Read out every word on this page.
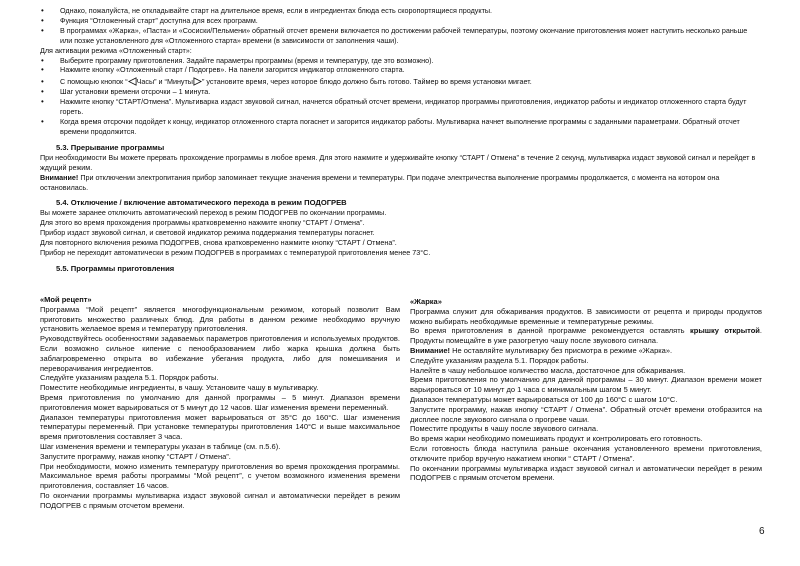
• Однако, пожалуйста, не откладывайте старт на длительное время, если в ингредиентах блюда есть скоропортящиеся продукты.

• Функция “Отложенный старт” доступна для всех программ.

• В программах «Жарка», «Паста» и «Сосиски/Пельмени» обратный отсчет времени включается по достижении рабочей температуры, поэтому окончание приготовления может наступить несколько раньше или позже установленного для «Отложенного старта» времени (в зависимости от заполнения чаши).

Для активации режима «Отложенный старт»:

• Выберите программу приготовления. Задайте параметры программы (время и температуру, где это возможно).

• Нажмите кнопку «Отложенный старт / Подогрев». На панели загорится индикатор отложенного старта.

• С помощью кнопок “ Часы” и “Минуты ” установите время, через которое блюдо должно быть готово. Таймер во время установки мигает.

• Шаг установки времени отсрочки – 1 минута.

• Нажмите кнопку “СТАРТ/Отмена”. Мультиварка издаст звуковой сигнал, начнется обратный отсчет времени, индикатор программы приготовления, индикатор работы и индикатор отложенного старта будут гореть.

• Когда время отсрочки подойдет к концу, индикатор отложенного старта погаснет и загорится индикатор работы. Мультиварка начнет выполнение программы с заданными параметрами. Обратный отсчет времени продолжится.

5.3. Прерывание программы

При необходимости Вы можете прервать прохождение программы в любое время. Для этого нажмите и удерживайте кнопку “СТАРТ / Отмена” в течение 2 секунд, мультиварка издаст звуковой сигнал и перейдет в ждущий режим.

Внимание! При отключении электропитания прибор запоминает текущие значения времени и температуры. При подаче электричества выполнение программы продолжается, с момента на котором она остановилась.

5.4. Отключение / включение автоматического перехода в режим ПОДОГРЕВ

Вы можете заранее отключить автоматический переход в режим ПОДОГРЕВ по окончании программы.

Для этого во время прохождения программы кратковременно нажмите кнопку “СТАРТ / Отмена”.

Прибор издаст звуковой сигнал, и световой индикатор режима поддержания температуры погаснет.

Для повторного включения режима ПОДОГРЕВ, снова кратковременно нажмите кнопку “СТАРТ / Отмена”.

Прибор не переходит автоматически в режим ПОДОГРЕВ в программах с температурой приготовления менее 73°С.

5.5. Программы приготовления

«Мой рецепт»

Программа “Мой рецепт” является многофункциональным режимом, который позволит Вам приготовить множество различных блюд. Для работы в данном режиме необходимо вручную установить желаемое время и температуру приготовления.

Руководствуйтесь особенностями задаваемых параметров приготовления и используемых продуктов. Если возможно сильное кипение с пенообразованием либо жарка крышка должна быть заблагровременно открыта во избежание убегания продукта, либо для помешивания и переворачивания ингредиентов.

Следуйте указаниям раздела 5.1. Порядок работы.

Поместите необходимые ингредиенты, в чашу. Установите чашу в мультиварку.

Время приготовления по умолчанию для данной программы – 5 минут. Диапазон времени приготовления может варьироваться от 5 минут до 12 часов. Шаг изменения времени переменный.

Диапазон температуры приготовления может варьироваться от 35°С до 160°С. Шаг изменения температуры переменный. При установке температуры приготовления 140°С и выше максимальное время приготовления составляет 3 часа.

Шаг изменения времени и температуры указан в таблице (см. п.5.6).

Запустите программу, нажав кнопку “СТАРТ / Отмена”.

При необходимости, можно изменить температуру приготовления во время прохождения программы. Максимальное время работы программы “Мой рецепт”, с учетом возможного изменения времени приготовления, составляет 16 часов.

По окончании программы мультиварка издаст звуковой сигнал и автоматически перейдет в режим ПОДОГРЕВ с прямым отсчетом времени.

«Жарка»

Программа служит для обжаривания продуктов. В зависимости от рецепта и природы продуктов можно выбирать необходимые временные и температурные режимы.

Во время приготовления в данной программе рекомендуется оставлять крышку открытой. Продукты помещайте в уже разогретую чашу после звукового сигнала.

Внимание! Не оставляйте мультиварку без присмотра в режиме «Жарка».

Следуйте указаниям раздела 5.1. Порядок работы.

Налейте в чашу небольшое количество масла, достаточное для обжаривания.

Время приготовления по умолчанию для данной программы – 30 минут. Диапазон времени может варьироваться от 10 минут до 1 часа с минимальным шагом 5 минут.

Диапазон температуры может варьироваться от 100 до 160°С с шагом 10°С.

Запустите программу, нажав кнопку “СТАРТ / Отмена”. Обратный отсчёт времени отобразится на дисплее после звукового сигнала о прогреве чаши.

Поместите продукты в чашу после звукового сигнала.

Во время жарки необходимо помешивать продукт и контролировать его готовность.

Если готовность блюда наступила раньше окончания установленного времени приготовления, отключите прибор вручную нажатием кнопки “ СТАРТ / Отмена”.

По окончании программы мультиварка издаст звуковой сигнал и автоматически перейдет в режим ПОДОГРЕВ с прямым отсчетом времени.

6
